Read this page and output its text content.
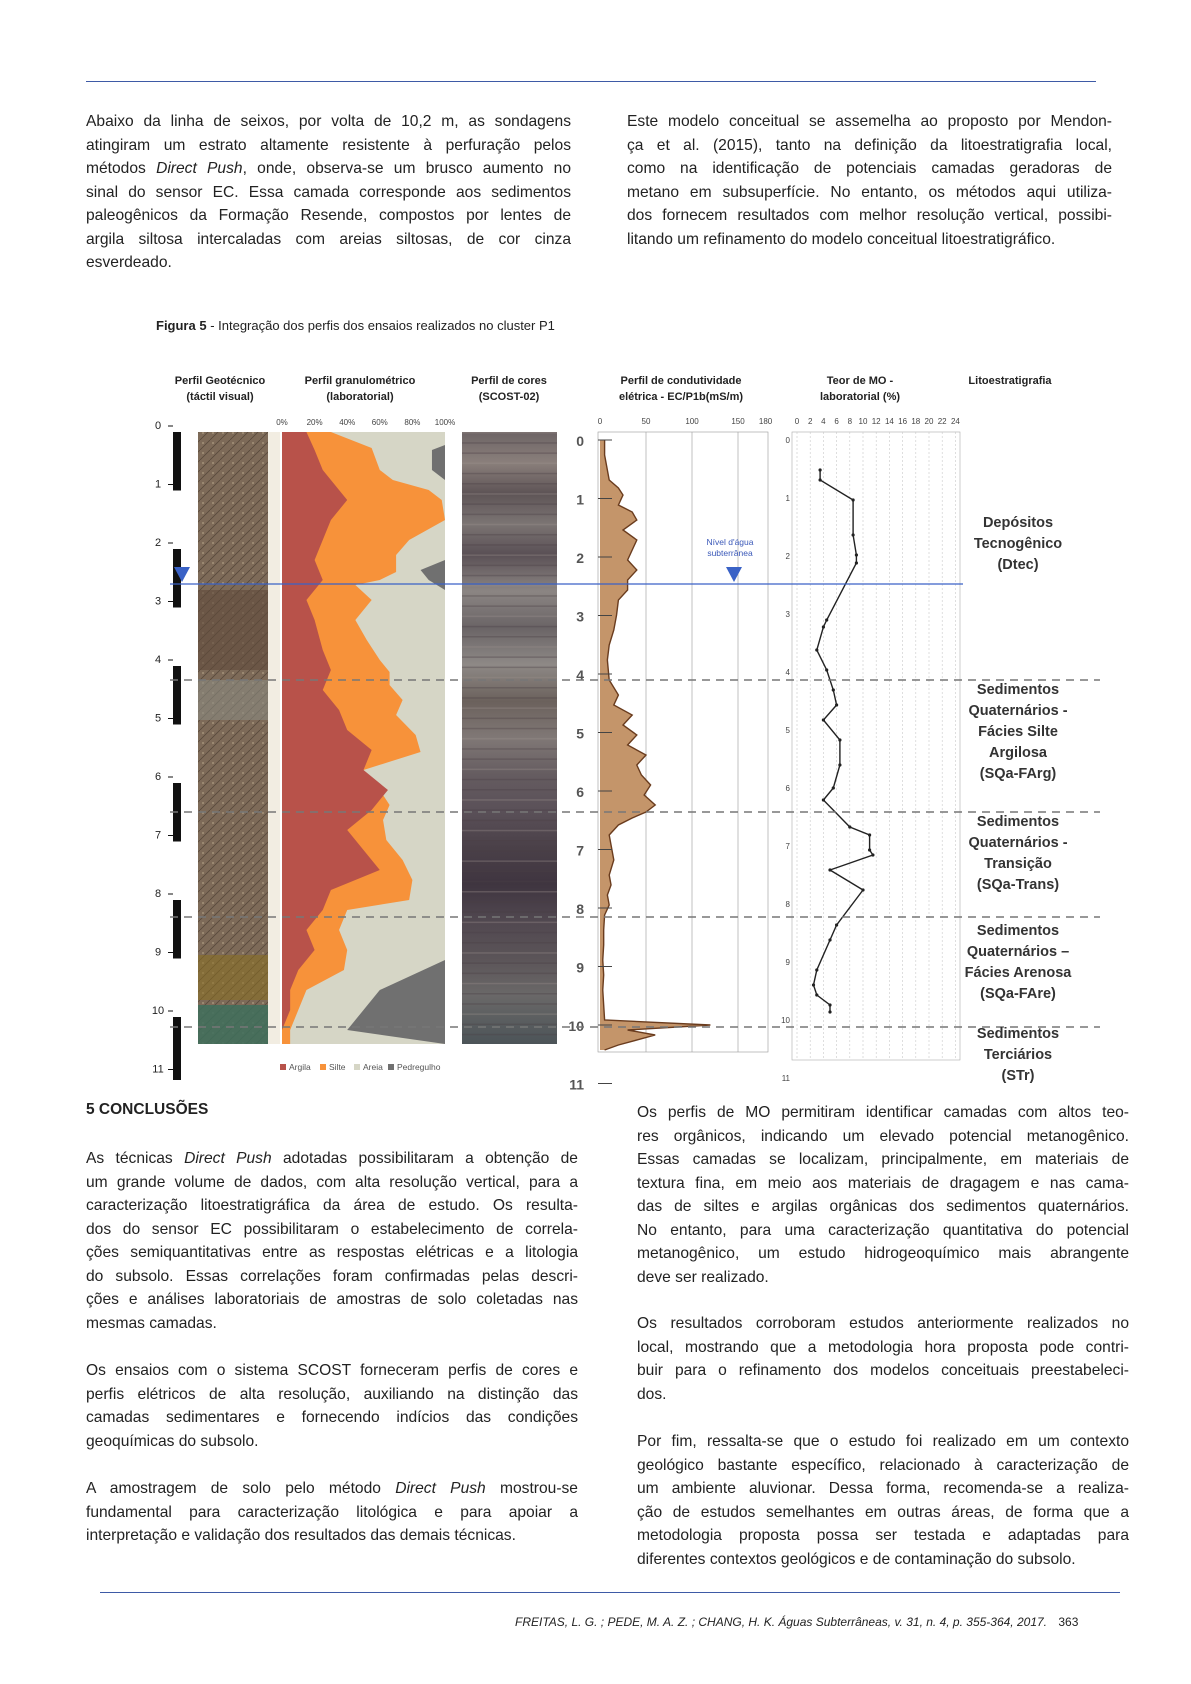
Abaixo da linha de seixos, por volta de 10,2 m, as sondagens
atingiram um estrato altamente resistente à perfuração pelos
métodos Direct Push, onde, observa-se um brusco aumento no
sinal do sensor EC. Essa camada corresponde aos sedimentos
paleogênicos da Formação Resende, compostos por lentes de
argila siltosa intercaladas com areias siltosas, de cor cinza
esverdeado.
Este modelo conceitual se assemelha ao proposto por Mendon-
ça et al. (2015), tanto na definição da litoestratigrafia local,
como na identificação de potenciais camadas geradoras de
metano em subsuperfície. No entanto, os métodos aqui utiliza-
dos fornecem resultados com melhor resolução vertical, possibi-
litando um refinamento do modelo conceitual litoestratigráfico.
Figura 5 - Integração dos perfis dos ensaios realizados no cluster P1
Perfil Geotécnico
(táctil visual)
Perfil granulométrico
(laboratorial)
Perfil de cores
(SCOST-02)
Perfil de condutividade
elétrica - EC/P1b(mS/m)
Teor de MO -
laboratorial (%)
Litoestratigrafia
0
1
2
3
4
5
6
7
8
9
10
11
0% 20% 40% 60% 80% 100%
0
1
2
3
4
5
6
7
8
9
10
11
0	50	100	150 180
Nível d'água subterrânea
0 2 4 6 8 10 12 14 16 18 20 22 24
0
1
2
3
4
5
6
7
8
9
10
11
Depósitos
Tecnogênico
(Dtec)
Sedimentos
Quaternários -
Fácies Silte
Argilosa
(SQa-FArg)
Sedimentos
Quaternários -
Transição
(SQa-Trans)
Sedimentos
Quaternários –
Fácies Arenosa
(SQa-FAre)
Sedimentos
Terciários
(STr)
Argila Silte Areia Pedregulho
5 CONCLUSÕES
As técnicas Direct Push adotadas possibilitaram a obtenção de
um grande volume de dados, com alta resolução vertical, para a
caracterização litoestratigráfica da área de estudo. Os resulta-
dos do sensor EC possibilitaram o estabelecimento de correla-
ções semiquantitativas entre as respostas elétricas e a litologia
do subsolo. Essas correlações foram confirmadas pelas descri-
ções e análises laboratoriais de amostras de solo coletadas nas
mesmas camadas.
Os ensaios com o sistema SCOST forneceram perfis de cores e
perfis elétricos de alta resolução, auxiliando na distinção das
camadas sedimentares e fornecendo indícios das condições
geoquímicas do subsolo.
A amostragem de solo pelo método Direct Push mostrou-se
fundamental para caracterização litológica e para apoiar a
interpretação e validação dos resultados das demais técnicas.
Os perfis de MO permitiram identificar camadas com altos teo-
res orgânicos, indicando um elevado potencial metanogênico.
Essas camadas se localizam, principalmente, em materiais de
textura fina, em meio aos materiais de dragagem e nas cama-
das de siltes e argilas orgânicas dos sedimentos quaternários.
No entanto, para uma caracterização quantitativa do potencial
metanogênico, um estudo hidrogeoquímico mais abrangente
deve ser realizado.
Os resultados corroboram estudos anteriormente realizados no
local, mostrando que a metodologia hora proposta pode contri-
buir para o refinamento dos modelos conceituais preestabeleci-
dos.
Por fim, ressalta-se que o estudo foi realizado em um contexto
geológico bastante específico, relacionado à caracterização de
um ambiente aluvionar. Dessa forma, recomenda-se a realiza-
ção de estudos semelhantes em outras áreas, de forma que a
metodologia proposta possa ser testada e adaptadas para
diferentes contextos geológicos e de contaminação do subsolo.
FREITAS, L. G. ; PEDE, M. A. Z. ; CHANG, H. K. Águas Subterrâneas, v. 31, n. 4, p. 355-364, 2017. 363
